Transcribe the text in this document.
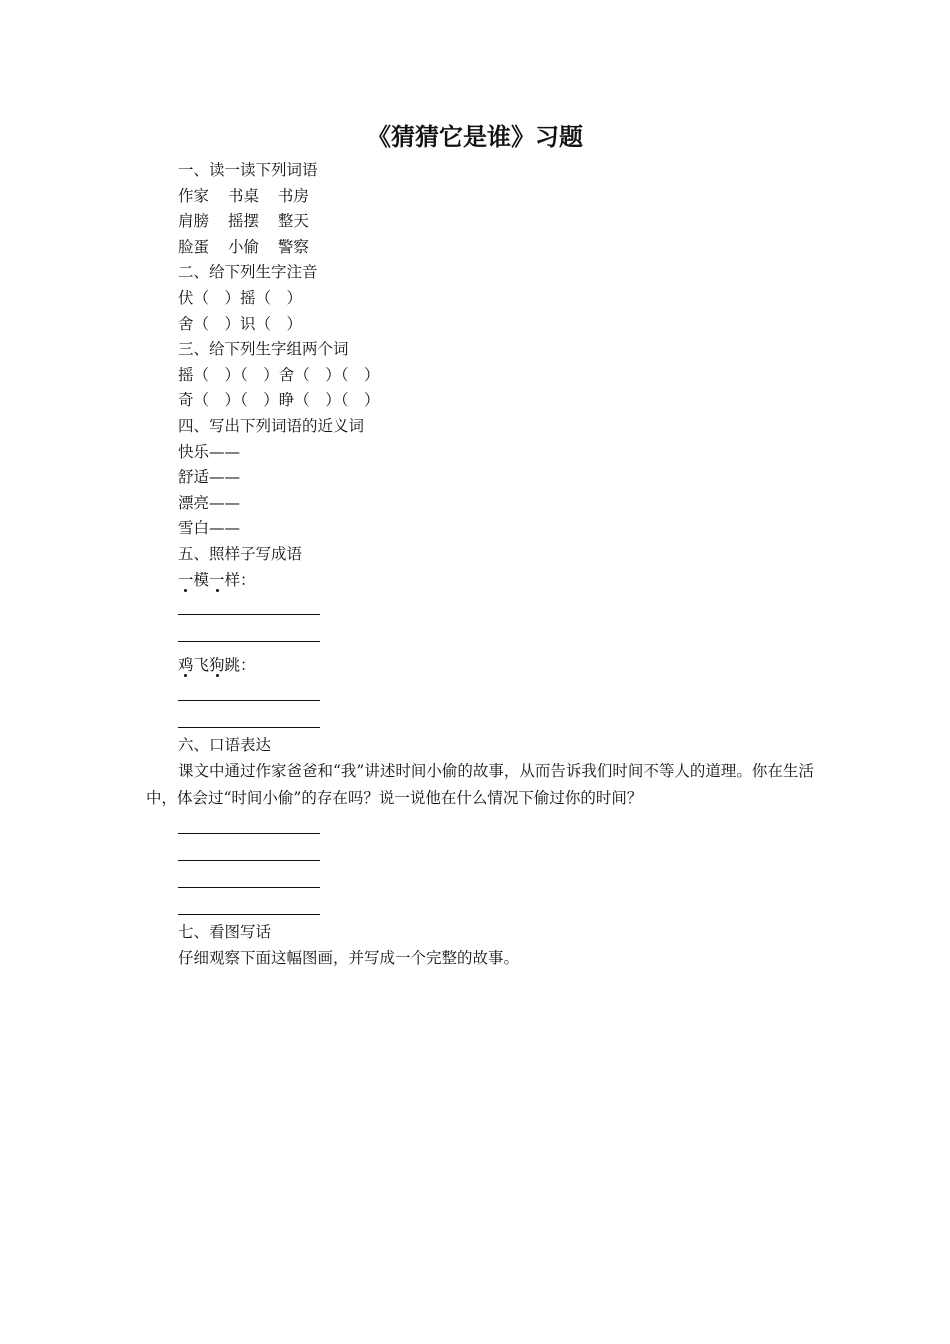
《猜猜它是谁》习题
一、读一读下列词语
作家 书桌 书房
肩膀 摇摆 整天
脸蛋 小偷 警察
二、给下列生字注音
伏（　）摇（　）
舍（　）识（　）
三、给下列生字组两个词
摇（　）（　）舍（　）（　）
奇（　）（　）睁（　）（　）
四、写出下列词语的近义词
快乐——
舒适——
漂亮——
雪白——
五、照样子写成语
一模一样：
鸡飞狗跳：
六、口语表达
课文中通过作家爸爸和“我”讲述时间小偷的故事，从而告诉我们时间不等人的道理。你在生活中，体会过“时间小偷”的存在吗？说一说他在什么情况下偷过你的时间？
七、看图写话
仔细观察下面这幅图画，并写成一个完整的故事。
